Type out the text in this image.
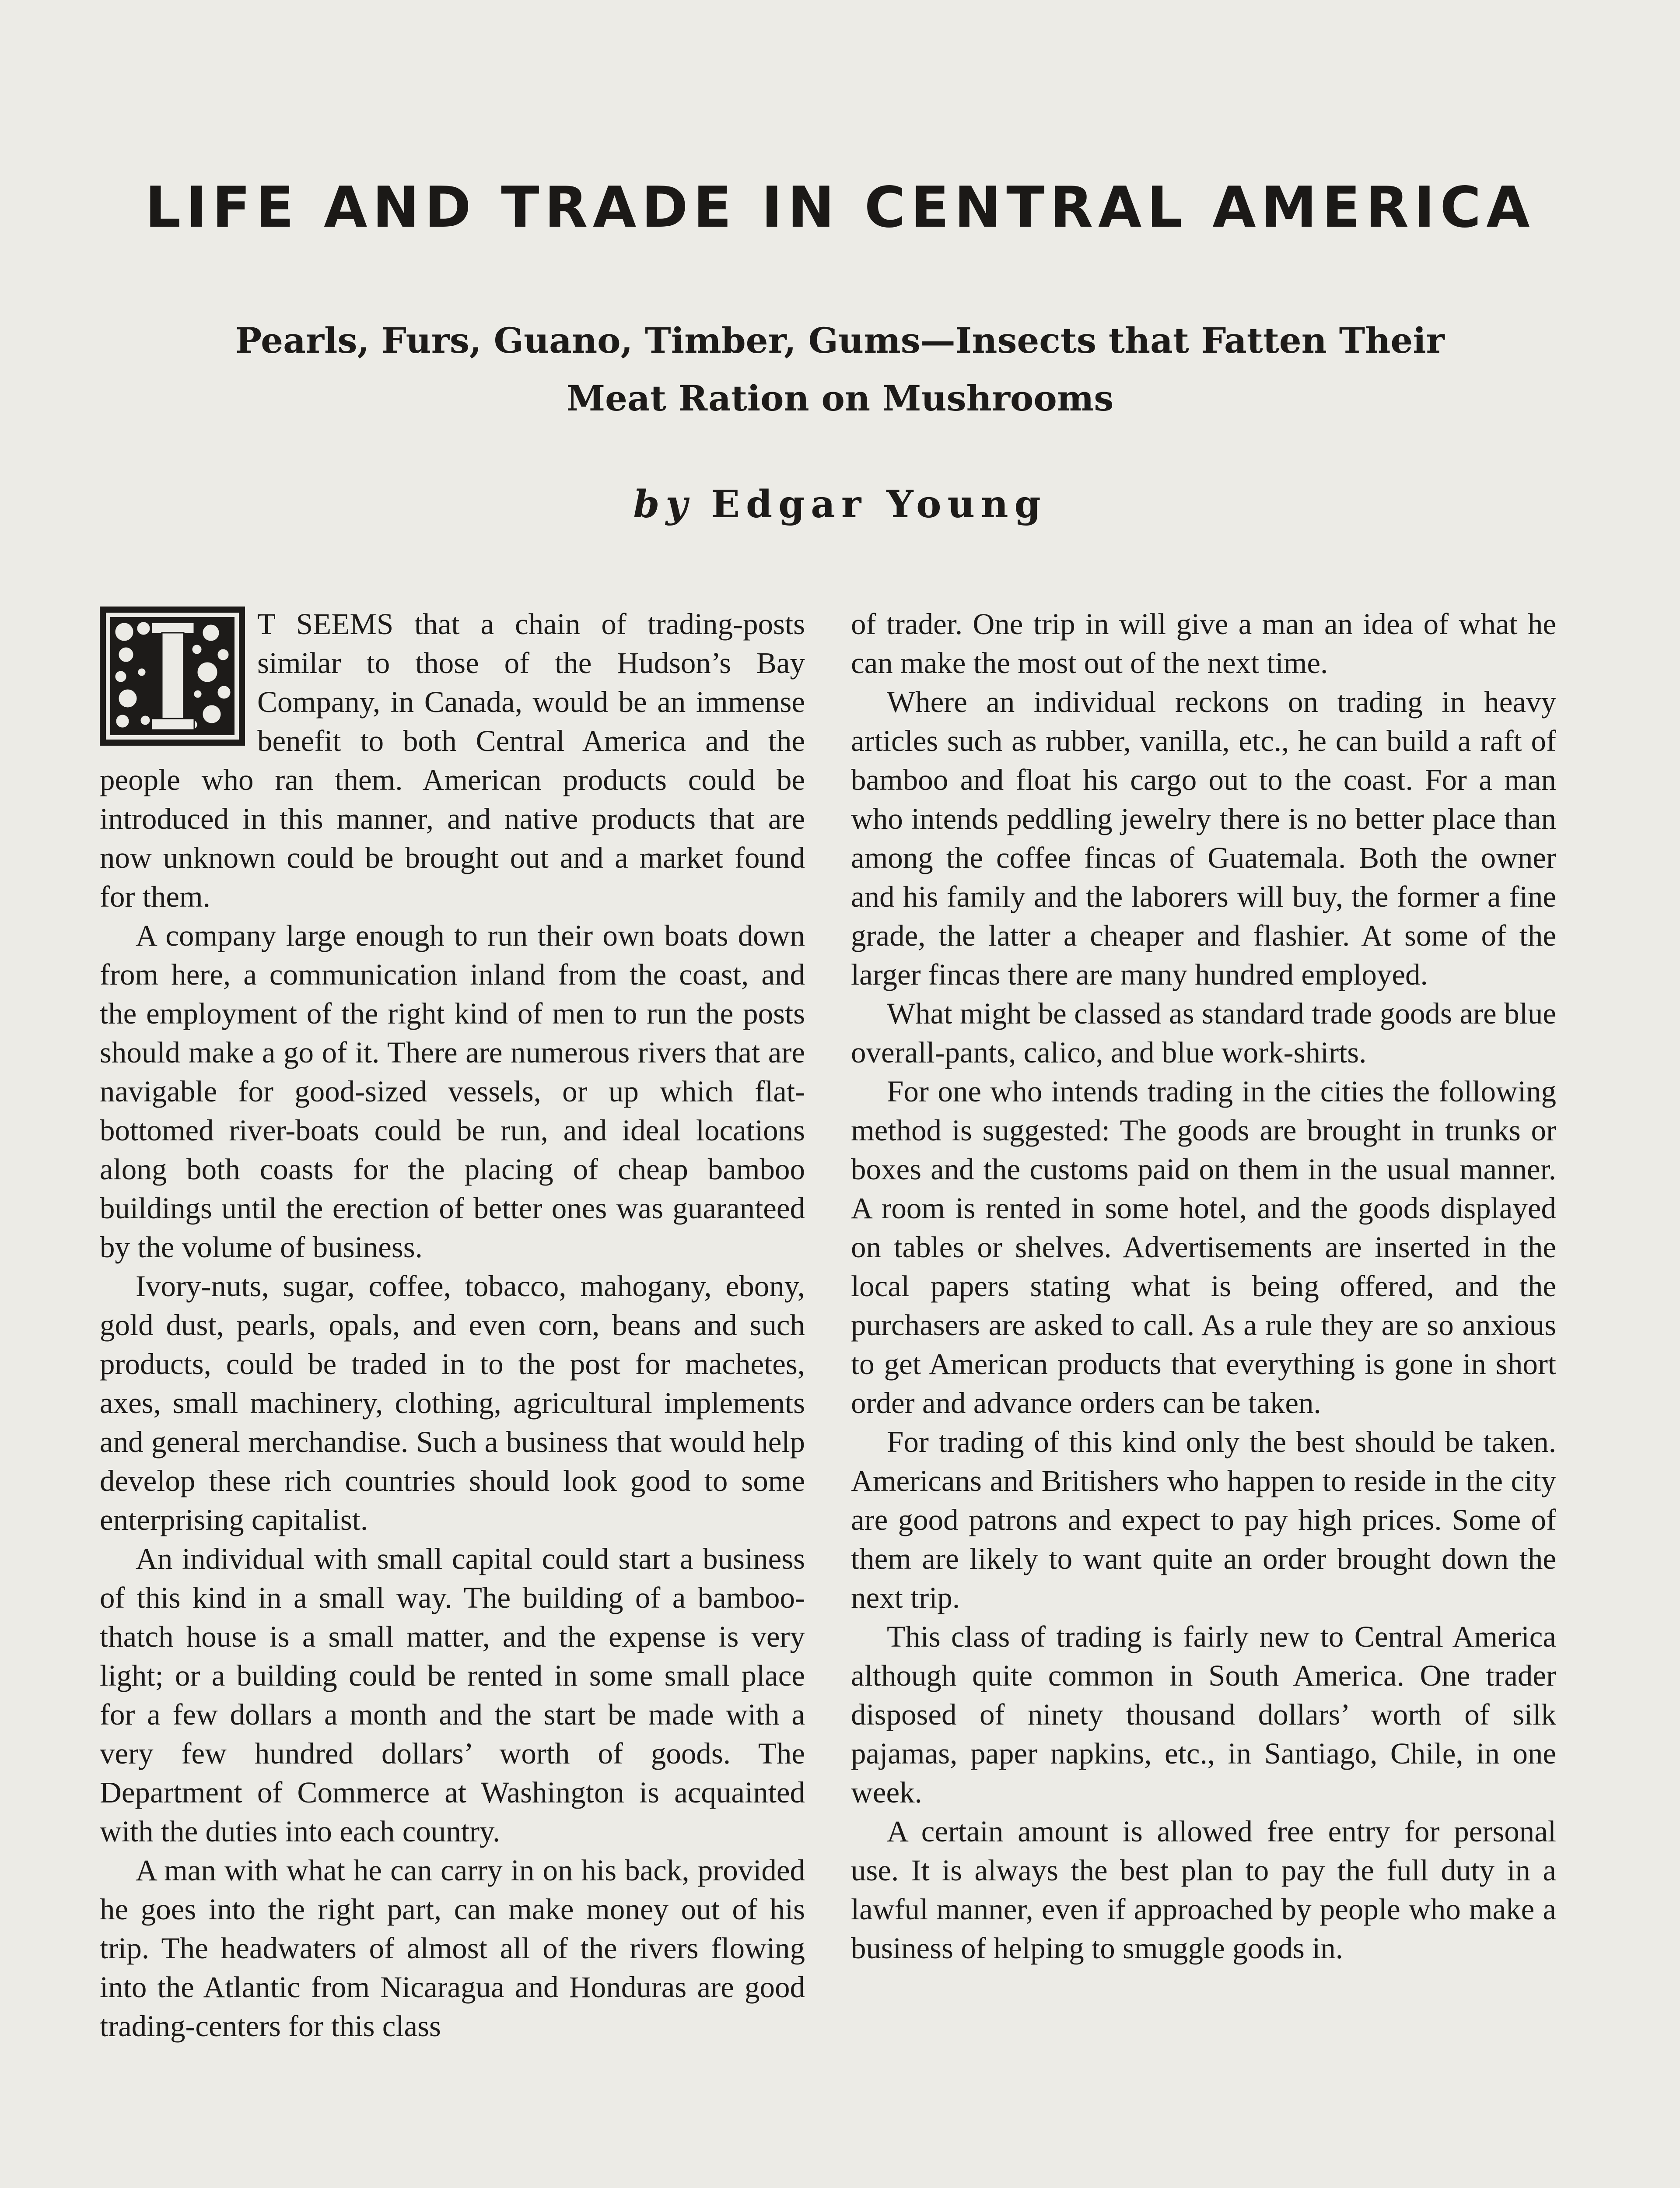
LIFE AND TRADE IN CENTRAL AMERICA
Pearls, Furs, Guano, Timber, Gums—Insects that Fatten Their Meat Ration on Mushrooms
by Edgar Young

T SEEMS that a chain of trading-posts similar to those of the Hudson’s Bay Company, in Canada, would be an immense benefit to both Central America and the people who ran them. American products could be introduced in this manner, and native products that are now unknown could be brought out and a market found for them.

A company large enough to run their own boats down from here, a communication inland from the coast, and the employment of the right kind of men to run the posts should make a go of it. There are numerous rivers that are navigable for good-sized vessels, or up which flat-bottomed river-boats could be run, and ideal locations along both coasts for the placing of cheap bamboo buildings until the erection of better ones was guaranteed by the volume of business.

Ivory-nuts, sugar, coffee, tobacco, mahogany, ebony, gold dust, pearls, opals, and even corn, beans and such products, could be traded in to the post for machetes, axes, small machinery, clothing, agricultural implements and general merchandise. Such a business that would help develop these rich countries should look good to some enterprising capitalist.

An individual with small capital could start a business of this kind in a small way. The building of a bamboo-thatch house is a small matter, and the expense is very light; or a building could be rented in some small place for a few dollars a month and the start be made with a very few hundred dollars’ worth of goods. The Department of Commerce at Washington is acquainted with the duties into each country.

A man with what he can carry in on his back, provided he goes into the right part, can make money out of his trip. The headwaters of almost all of the rivers flowing into the Atlantic from Nicaragua and Honduras are good trading-centers for this class

of trader. One trip in will give a man an idea of what he can make the most out of the next time.

Where an individual reckons on trading in heavy articles such as rubber, vanilla, etc., he can build a raft of bamboo and float his cargo out to the coast. For a man who intends peddling jewelry there is no better place than among the coffee fincas of Guatemala. Both the owner and his family and the laborers will buy, the former a fine grade, the latter a cheaper and flashier. At some of the larger fincas there are many hundred employed.

What might be classed as standard trade goods are blue overall-pants, calico, and blue work-shirts.

For one who intends trading in the cities the following method is suggested: The goods are brought in trunks or boxes and the customs paid on them in the usual manner. A room is rented in some hotel, and the goods displayed on tables or shelves. Advertisements are inserted in the local papers stating what is being offered, and the purchasers are asked to call. As a rule they are so anxious to get American products that everything is gone in short order and advance orders can be taken.

For trading of this kind only the best should be taken. Americans and Britishers who happen to reside in the city are good patrons and expect to pay high prices. Some of them are likely to want quite an order brought down the next trip.

This class of trading is fairly new to Central America although quite common in South America. One trader disposed of ninety thousand dollars’ worth of silk pajamas, paper napkins, etc., in Santiago, Chile, in one week.

A certain amount is allowed free entry for personal use. It is always the best plan to pay the full duty in a lawful manner, even if approached by people who make a business of helping to smuggle goods in.
